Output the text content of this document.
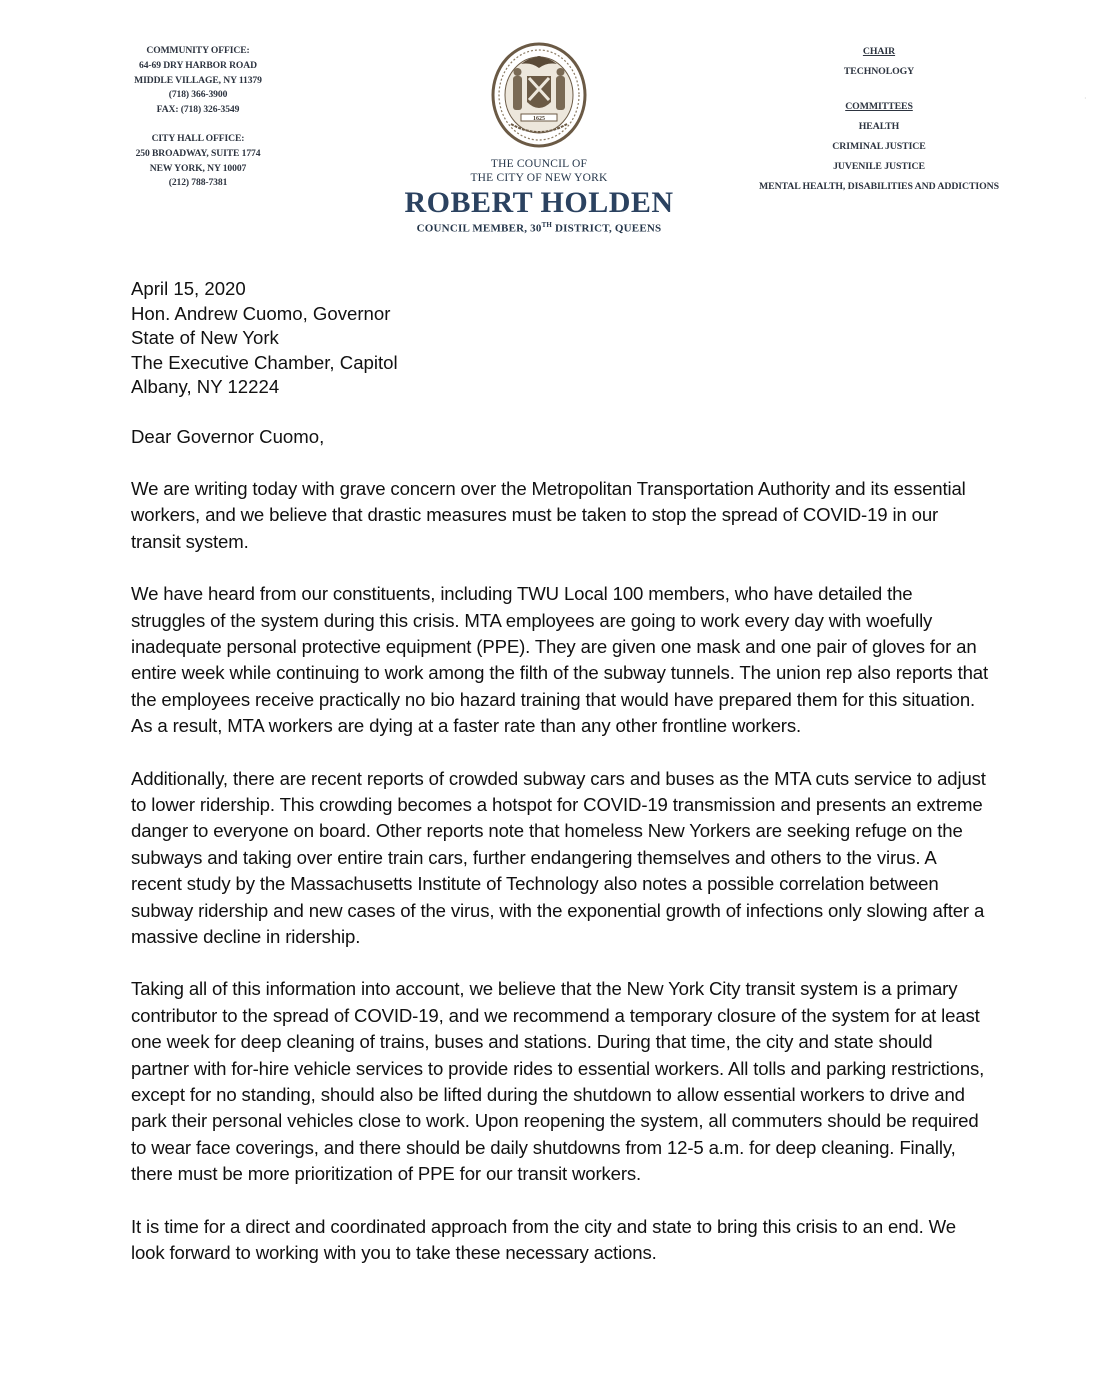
COMMUNITY OFFICE:
64-69 DRY HARBOR ROAD
MIDDLE VILLAGE, NY 11379
(718) 366-3900
FAX: (718) 326-3549
CITY HALL OFFICE:
250 BROADWAY, SUITE 1774
NEW YORK, NY 10007
(212) 788-7381
1625
THE COUNCIL OF
THE CITY OF NEW YORK
ROBERT HOLDEN
COUNCIL MEMBER, 30TH DISTRICT, QUEENS
CHAIR
TECHNOLOGY
COMMITTEES
HEALTH
CRIMINAL JUSTICE
JUVENILE JUSTICE
MENTAL HEALTH, DISABILITIES AND ADDICTIONS
·

April 15, 2020
Hon. Andrew Cuomo, Governor
State of New York
The Executive Chamber, Capitol
Albany, NY 12224

Dear Governor Cuomo,

We are writing today with grave concern over the Metropolitan Transportation Authority and its essential workers, and we believe that drastic measures must be taken to stop the spread of COVID-19 in our transit system.

We have heard from our constituents, including TWU Local 100 members, who have detailed the struggles of the system during this crisis. MTA employees are going to work every day with woefully inadequate personal protective equipment (PPE). They are given one mask and one pair of gloves for an entire week while continuing to work among the filth of the subway tunnels. The union rep also reports that the employees receive practically no bio hazard training that would have prepared them for this situation. As a result, MTA workers are dying at a faster rate than any other frontline workers.

Additionally, there are recent reports of crowded subway cars and buses as the MTA cuts service to adjust to lower ridership. This crowding becomes a hotspot for COVID-19 transmission and presents an extreme danger to everyone on board. Other reports note that homeless New Yorkers are seeking refuge on the subways and taking over entire train cars, further endangering themselves and others to the virus. A recent study by the Massachusetts Institute of Technology also notes a possible correlation between subway ridership and new cases of the virus, with the exponential growth of infections only slowing after a massive decline in ridership.

Taking all of this information into account, we believe that the New York City transit system is a primary contributor to the spread of COVID-19, and we recommend a temporary closure of the system for at least one week for deep cleaning of trains, buses and stations. During that time, the city and state should partner with for-hire vehicle services to provide rides to essential workers. All tolls and parking restrictions, except for no standing, should also be lifted during the shutdown to allow essential workers to drive and park their personal vehicles close to work. Upon reopening the system, all commuters should be required to wear face coverings, and there should be daily shutdowns from 12-5 a.m. for deep cleaning. Finally, there must be more prioritization of PPE for our transit workers.

It is time for a direct and coordinated approach from the city and state to bring this crisis to an end. We look forward to working with you to take these necessary actions.
